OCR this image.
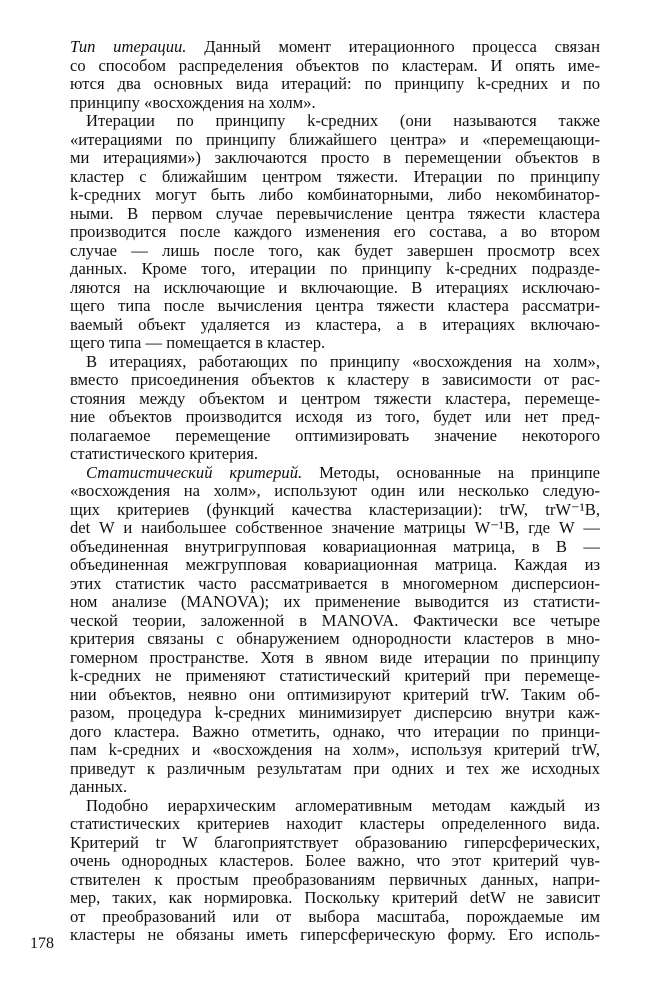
Тип итерации. Данный момент итерационного процесса связан
со способом распределения объектов по кластерам. И опять име-
ются два основных вида итераций: по принципу k-средних и по
принципу «восхождения на холм».
Итерации по принципу k-средних (они называются также
«итерациями по принципу ближайшего центра» и «перемещающи-
ми итерациями») заключаются просто в перемещении объектов в
кластер с ближайшим центром тяжести. Итерации по принципу
k-средних могут быть либо комбинаторными, либо некомбинатор-
ными. В первом случае перевычисление центра тяжести кластера
производится после каждого изменения его состава, а во втором
случае — лишь после того, как будет завершен просмотр всех
данных. Кроме того, итерации по принципу k-средних подразде-
ляются на исключающие и включающие. В итерациях исключаю-
щего типа после вычисления центра тяжести кластера рассматри-
ваемый объект удаляется из кластера, а в итерациях включаю-
щего типа — помещается в кластер.
В итерациях, работающих по принципу «восхождения на холм»,
вместо присоединения объектов к кластеру в зависимости от рас-
стояния между объектом и центром тяжести кластера, перемеще-
ние объектов производится исходя из того, будет или нет пред-
полагаемое перемещение оптимизировать значение некоторого
статистического критерия.
Статистический критерий. Методы, основанные на принципе
«восхождения на холм», используют один или несколько следую-
щих критериев (функций качества кластеризации): trW, trW⁻¹B,
det W и наибольшее собственное значение матрицы W⁻¹B, где W —
объединенная внутригрупповая ковариационная матрица, в B —
объединенная межгрупповая ковариационная матрица. Каждая из
этих статистик часто рассматривается в многомерном дисперсион-
ном анализе (MANOVA); их применение выводится из статисти-
ческой теории, заложенной в MANOVA. Фактически все четыре
критерия связаны с обнаружением однородности кластеров в мно-
гомерном пространстве. Хотя в явном виде итерации по принципу
k-средних не применяют статистический критерий при перемеще-
нии объектов, неявно они оптимизируют критерий trW. Таким об-
разом, процедура k-средних минимизирует дисперсию внутри каж-
дого кластера. Важно отметить, однако, что итерации по принци-
пам k-средних и «восхождения на холм», используя критерий trW,
приведут к различным результатам при одних и тех же исходных
данных.
Подобно иерархическим агломеративным методам каждый из
статистических критериев находит кластеры определенного вида.
Критерий tr W благоприятствует образованию гиперсферических,
очень однородных кластеров. Более важно, что этот критерий чув-
ствителен к простым преобразованиям первичных данных, напри-
мер, таких, как нормировка. Поскольку критерий detW не зависит
от преобразований или от выбора масштаба, порождаемые им
кластеры не обязаны иметь гиперсферическую форму. Его исполь-
178
